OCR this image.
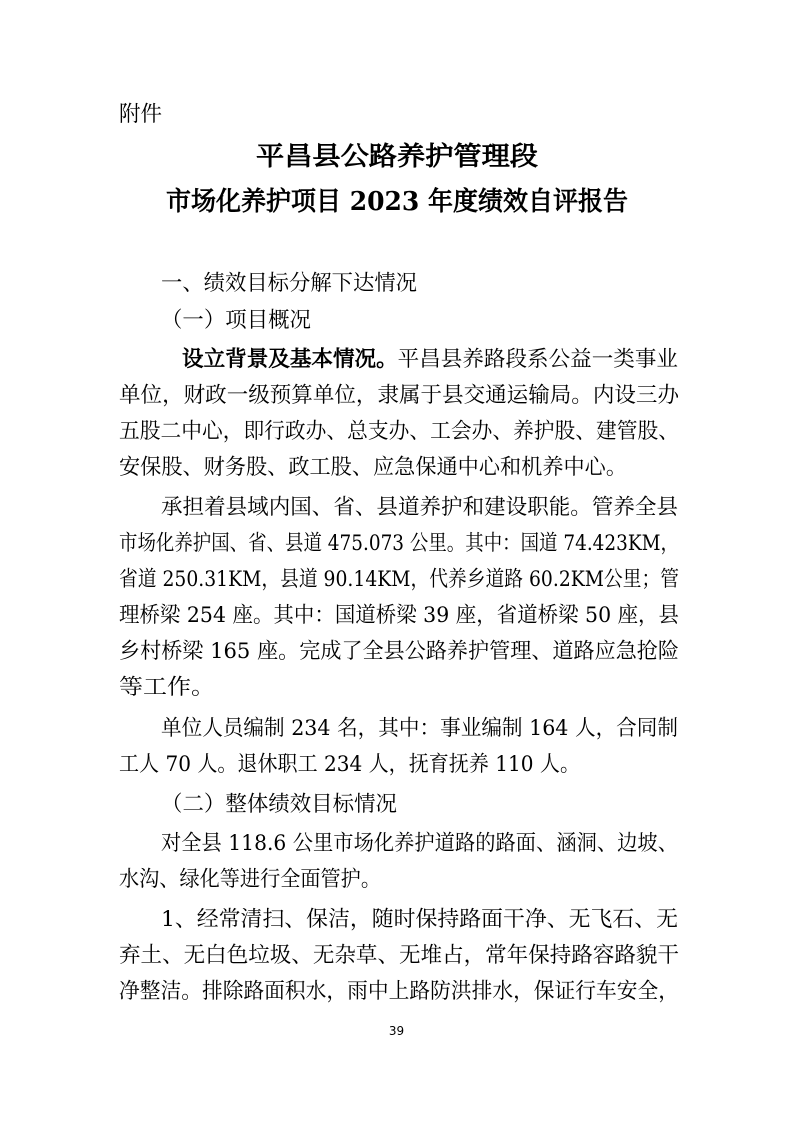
附件
平昌县公路养护管理段
市场化养护项目 2023 年度绩效自评报告
一、绩效目标分解下达情况
（一）项目概况
设立背景及基本情况。平昌县养路段系公益一类事业
单位，财政一级预算单位，隶属于县交通运输局。内设三办
五股二中心，即行政办、总支办、工会办、养护股、建管股、
安保股、财务股、政工股、应急保通中心和机养中心。
承担着县域内国、省、县道养护和建设职能。管养全县
市场化养护国、省、县道 475.073 公里。其中：国道 74.423KM，
省道 250.31KM，县道 90.14KM，代养乡道路 60.2KM公里；管
理桥梁 254 座。其中：国道桥梁 39 座，省道桥梁 50 座，县
乡村桥梁 165 座。完成了全县公路养护管理、道路应急抢险
等工作。
单位人员编制 234 名，其中：事业编制 164 人，合同制
工人 70 人。退休职工 234 人，抚育抚养 110 人。
（二）整体绩效目标情况
对全县 118.6 公里市场化养护道路的路面、涵洞、边坡、
水沟、绿化等进行全面管护。
1、经常清扫、保洁，随时保持路面干净、无飞石、无
弃土、无白色垃圾、无杂草、无堆占，常年保持路容路貌干
净整洁。排除路面积水，雨中上路防洪排水，保证行车安全，
39
